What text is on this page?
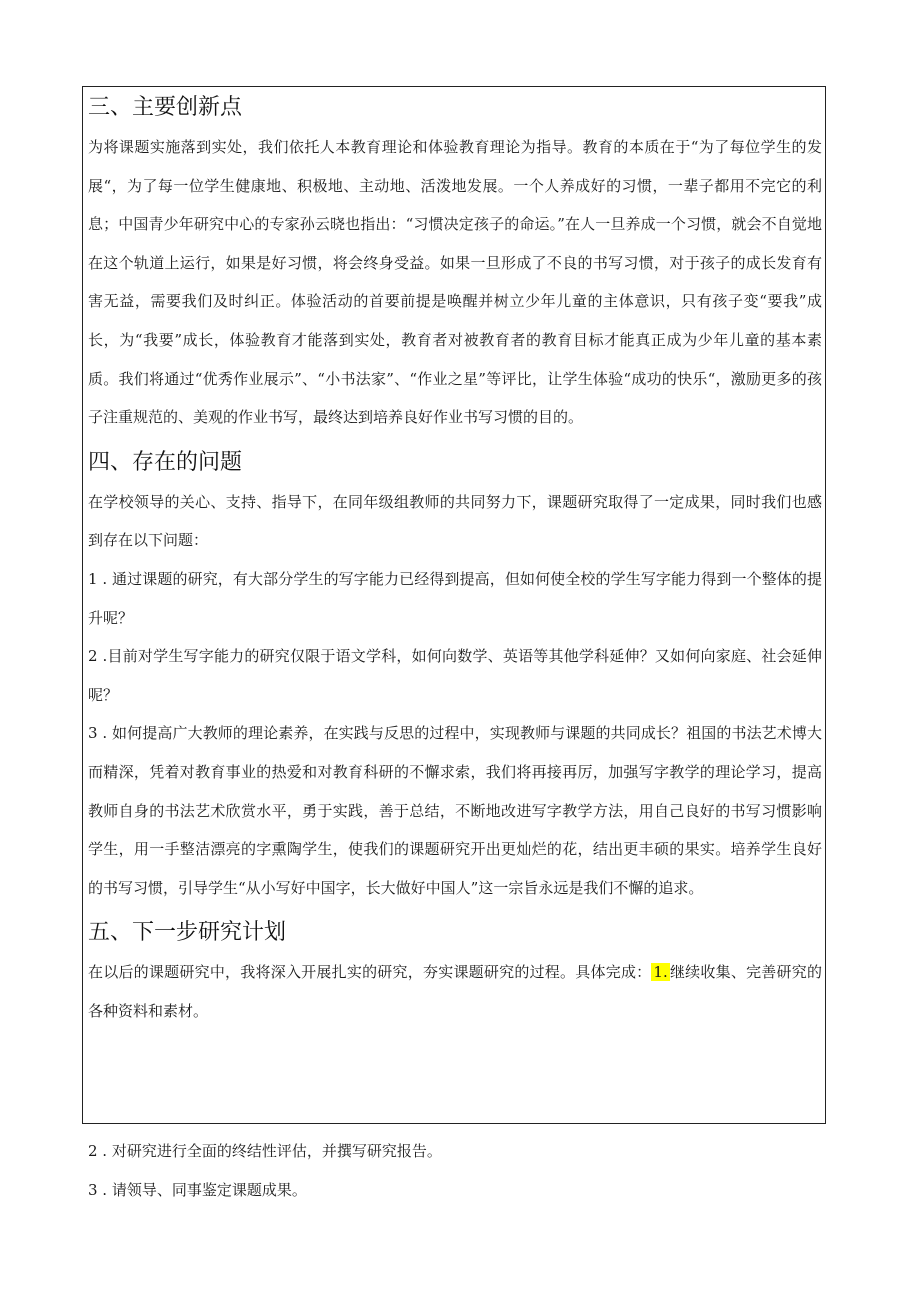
三、主要创新点

为将课题实施落到实处，我们依托人本教育理论和体验教育理论为指导。教育的本质在于“为了每位学生的发展“，为了每一位学生健康地、积极地、主动地、活泼地发展。一个人养成好的习惯，一辈子都用不完它的利息；中国青少年研究中心的专家孙云晓也指出：“习惯决定孩子的命运。”在人一旦养成一个习惯，就会不自觉地在这个轨道上运行，如果是好习惯，将会终身受益。如果一旦形成了不良的书写习惯，对于孩子的成长发育有害无益，需要我们及时纠正。体验活动的首要前提是唤醒并树立少年儿童的主体意识，只有孩子变“要我”成长，为“我要”成长，体验教育才能落到实处，教育者对被教育者的教育目标才能真正成为少年儿童的基本素质。我们将通过“优秀作业展示”、“小书法家”、“作业之星”等评比，让学生体验“成功的快乐“，激励更多的孩子注重规范的、美观的作业书写，最终达到培养良好作业书写习惯的目的。

四、存在的问题

在学校领导的关心、支持、指导下，在同年级组教师的共同努力下，课题研究取得了一定成果，同时我们也感到存在以下问题：

1 . 通过课题的研究，有大部分学生的写字能力已经得到提高，但如何使全校的学生写字能力得到一个整体的提升呢？

2 .目前对学生写字能力的研究仅限于语文学科，如何向数学、英语等其他学科延伸？又如何向家庭、社会延伸呢？

3 . 如何提高广大教师的理论素养，在实践与反思的过程中，实现教师与课题的共同成长？祖国的书法艺术博大而精深，凭着对教育事业的热爱和对教育科研的不懈求索，我们将再接再厉，加强写字教学的理论学习，提高教师自身的书法艺术欣赏水平，勇于实践，善于总结，不断地改进写字教学方法，用自己良好的书写习惯影响学生，用一手整洁漂亮的字熏陶学生，使我们的课题研究开出更灿烂的花，结出更丰硕的果实。培养学生良好的书写习惯，引导学生“从小写好中国字，长大做好中国人”这一宗旨永远是我们不懈的追求。

五、下一步研究计划

在以后的课题研究中，我将深入开展扎实的研究，夯实课题研究的过程。具体完成： 1. 继续收集、完善研究的各种资料和素材。

2 . 对研究进行全面的终结性评估，并撰写研究报告。
3 . 请领导、同事鉴定课题成果。
